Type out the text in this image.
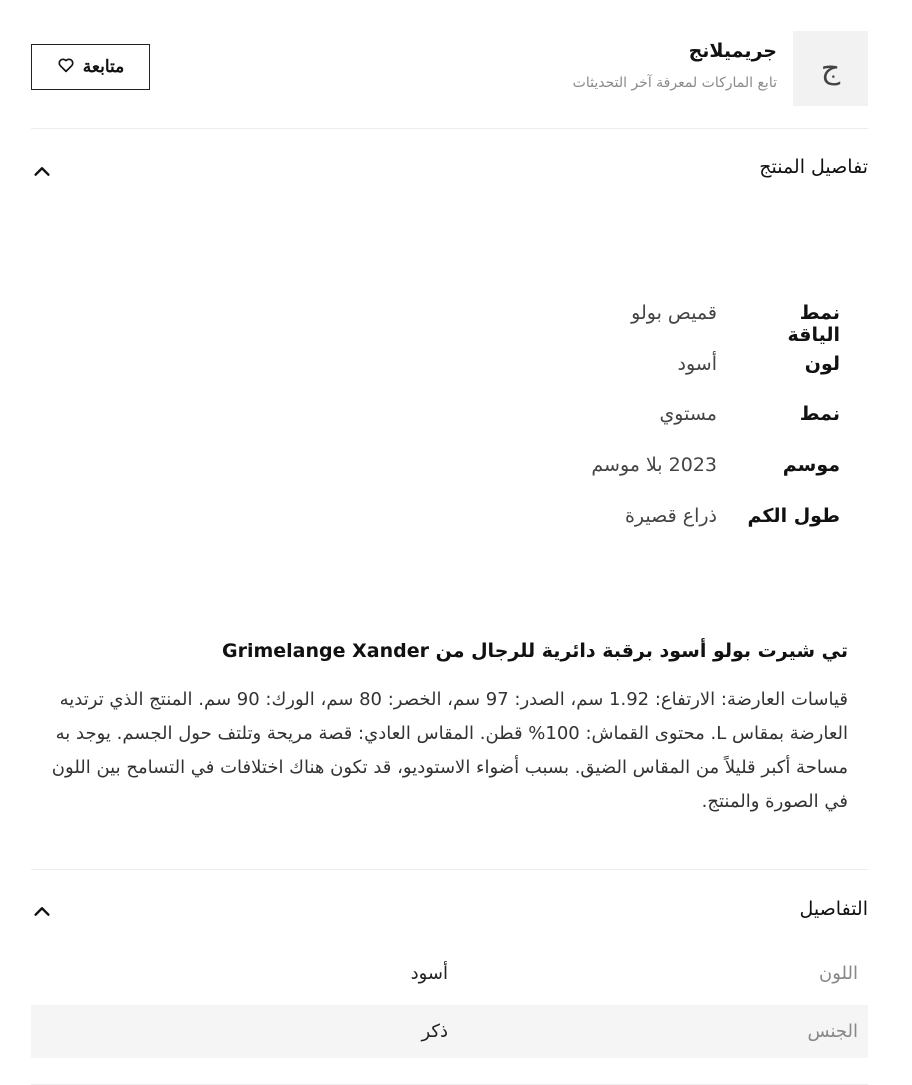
ج
جريميلانج
تابع الماركات لمعرفة آخر التحديثات
متابعة
تفاصيل المنتج
نمط الياقة
قميص بولو
لون
أسود
نمط
مستوي
موسم
2023 بلا موسم
طول الكم
ذراع قصيرة
تي شيرت بولو أسود برقبة دائرية للرجال من Grimelange Xander
قياسات العارضة: الارتفاع: 1.92 سم، الصدر: 97 سم، الخصر: 80 سم، الورك: 90 سم. المنتج الذي ترتديه العارضة بمقاس L. محتوى القماش: 100% قطن. المقاس العادي: قصة مريحة وتلتف حول الجسم. يوجد به مساحة أكبر قليلاً من المقاس الضيق. بسبب أضواء الاستوديو، قد تكون هناك اختلافات في التسامح بين اللون في الصورة والمنتج.
التفاصيل
اللون
أسود
الجنس
ذكر
